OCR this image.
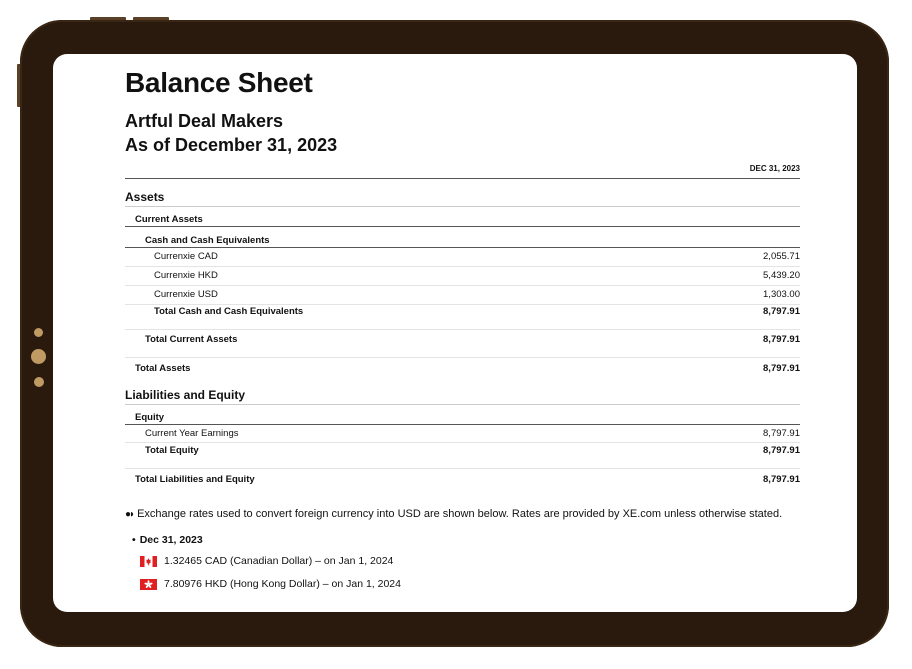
Balance Sheet
Artful Deal Makers
As of December 31, 2023
DEC 31, 2023
Assets
Current Assets
Cash and Cash Equivalents
Currenxie CAD	2,055.71
Currenxie HKD	5,439.20
Currenxie USD	1,303.00
Total Cash and Cash Equivalents	8,797.91
Total Current Assets	8,797.91
Total Assets	8,797.91
Liabilities and Equity
Equity
Current Year Earnings	8,797.91
Total Equity	8,797.91
Total Liabilities and Equity	8,797.91
●◗ Exchange rates used to convert foreign currency into USD are shown below. Rates are provided by XE.com unless otherwise stated.
• Dec 31, 2023
1.32465 CAD (Canadian Dollar) – on Jan 1, 2024
7.80976 HKD (Hong Kong Dollar) – on Jan 1, 2024
